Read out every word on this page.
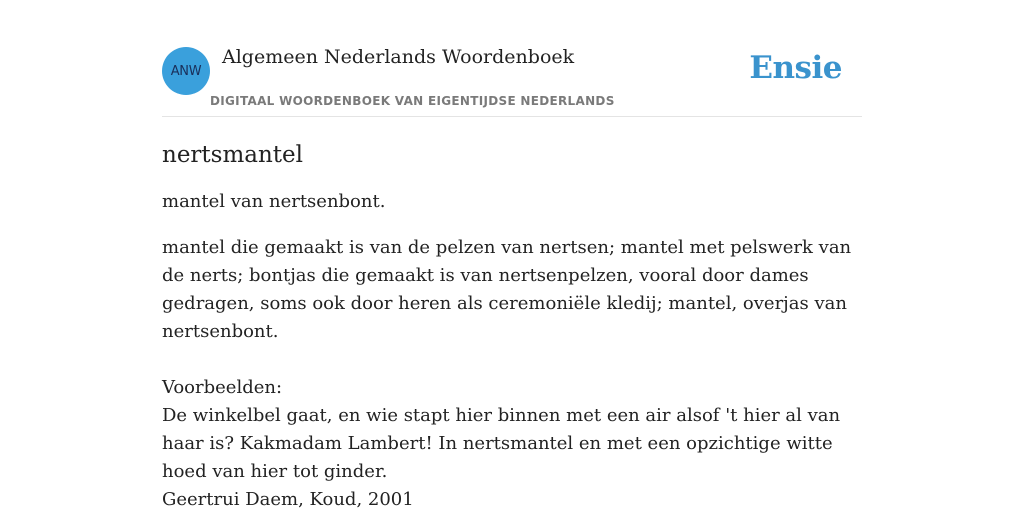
ANW
Algemeen Nederlands Woordenboek
DIGITAAL WOORDENBOEK VAN EIGENTIJDSE NEDERLANDS
Ensie
nertsmantel

mantel van nertsenbont.

mantel die gemaakt is van de pelzen van nertsen; mantel met pelswerk van de nerts; bontjas die gemaakt is van nertsenpelzen, vooral door dames gedragen, soms ook door heren als ceremoniële kledij; mantel, overjas van nertsenbont.
Voorbeelden:
De winkelbel gaat, en wie stapt hier binnen met een air alsof 't hier al van haar is? Kakmadam Lambert! In nertsmantel en met een opzichtige witte hoed van hier tot ginder.
Geertrui Daem, Koud, 2001
